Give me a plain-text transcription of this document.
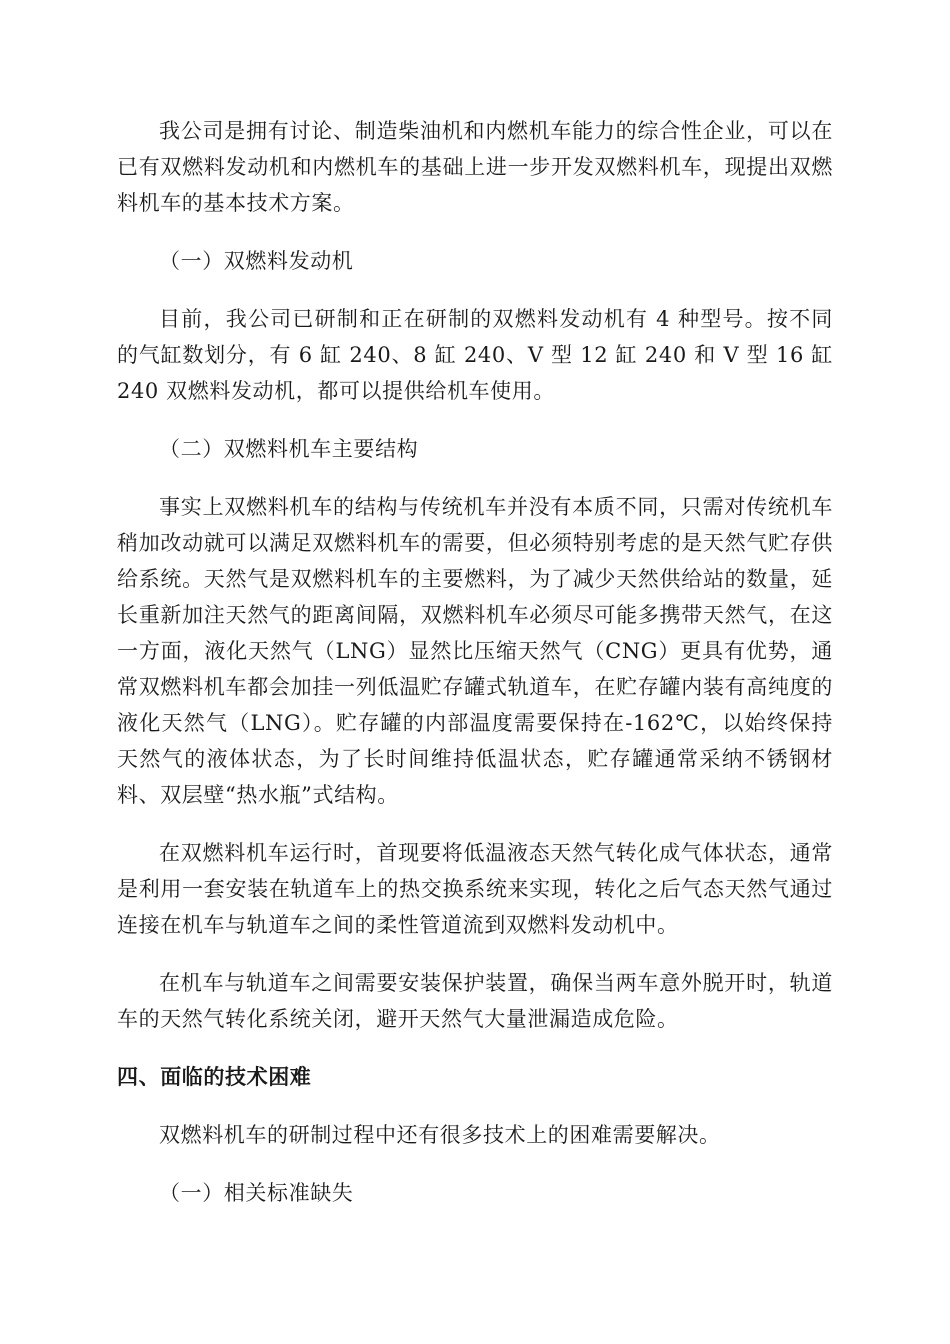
我公司是拥有讨论、制造柴油机和内燃机车能力的综合性企业，可以在已有双燃料发动机和内燃机车的基础上进一步开发双燃料机车，现提出双燃料机车的基本技术方案。

（一）双燃料发动机

目前，我公司已研制和正在研制的双燃料发动机有 4 种型号。按不同的气缸数划分，有 6 缸 240、8 缸 240、V 型 12 缸 240 和 V 型 16 缸 240 双燃料发动机，都可以提供给机车使用。

（二）双燃料机车主要结构

事实上双燃料机车的结构与传统机车并没有本质不同，只需对传统机车稍加改动就可以满足双燃料机车的需要，但必须特别考虑的是天然气贮存供给系统。天然气是双燃料机车的主要燃料，为了减少天然供给站的数量，延长重新加注天然气的距离间隔，双燃料机车必须尽可能多携带天然气，在这一方面，液化天然气（LNG）显然比压缩天然气（CNG）更具有优势，通常双燃料机车都会加挂一列低温贮存罐式轨道车，在贮存罐内装有高纯度的液化天然气（LNG）。贮存罐的内部温度需要保持在-162℃，以始终保持天然气的液体状态，为了长时间维持低温状态，贮存罐通常采纳不锈钢材料、双层壁“热水瓶”式结构。

在双燃料机车运行时，首现要将低温液态天然气转化成气体状态，通常是利用一套安装在轨道车上的热交换系统来实现，转化之后气态天然气通过连接在机车与轨道车之间的柔性管道流到双燃料发动机中。

在机车与轨道车之间需要安装保护装置，确保当两车意外脱开时，轨道车的天然气转化系统关闭，避开天然气大量泄漏造成危险。

四、面临的技术困难

双燃料机车的研制过程中还有很多技术上的困难需要解决。

（一）相关标准缺失
